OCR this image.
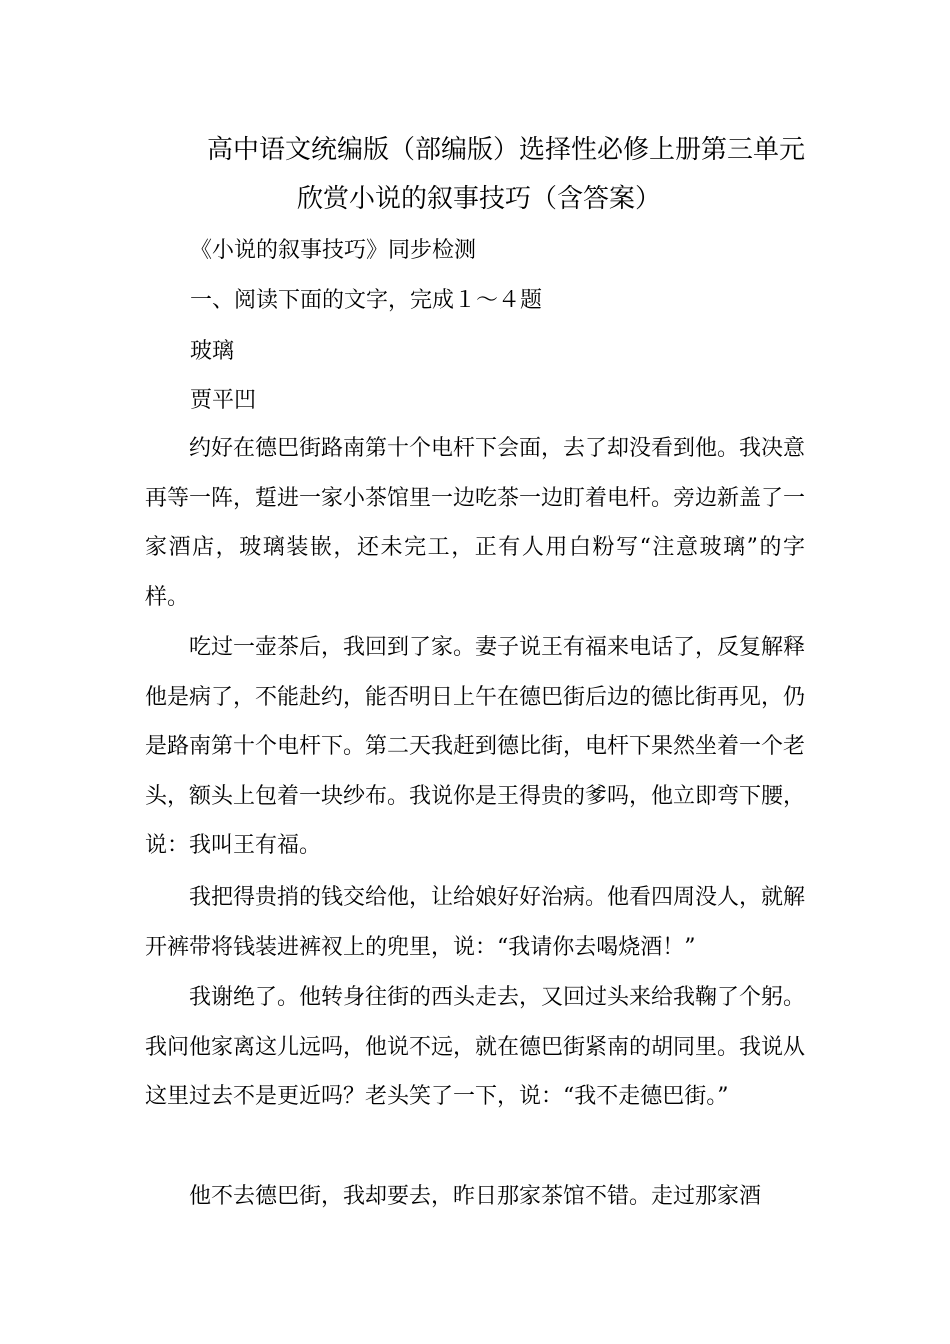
高中语文统编版（部编版）选择性必修上册第三单元
欣赏小说的叙事技巧（含答案）
《小说的叙事技巧》同步检测
一、阅读下面的文字，完成１～４题
玻璃
贾平凹

约好在德巴街路南第十个电杆下会面，去了却没看到他。我决意再等一阵，踅进一家小茶馆里一边吃茶一边盯着电杆。旁边新盖了一家酒店，玻璃装嵌，还未完工，正有人用白粉写“注意玻璃”的字样。

吃过一壶茶后，我回到了家。妻子说王有福来电话了，反复解释他是病了，不能赴约，能否明日上午在德巴街后边的德比街再见，仍是路南第十个电杆下。第二天我赶到德比街，电杆下果然坐着一个老头，额头上包着一块纱布。我说你是王得贵的爹吗，他立即弯下腰，说：我叫王有福。

我把得贵捎的钱交给他，让给娘好好治病。他看四周没人，就解开裤带将钱装进裤衩上的兜里，说：“我请你去喝烧酒！”

我谢绝了。他转身往街的西头走去，又回过头来给我鞠了个躬。我问他家离这儿远吗，他说不远，就在德巴街紧南的胡同里。我说从这里过去不是更近吗？老头笑了一下，说：“我不走德巴街。”

他不去德巴街，我却要去，昨日那家茶馆不错。走过那家酒
